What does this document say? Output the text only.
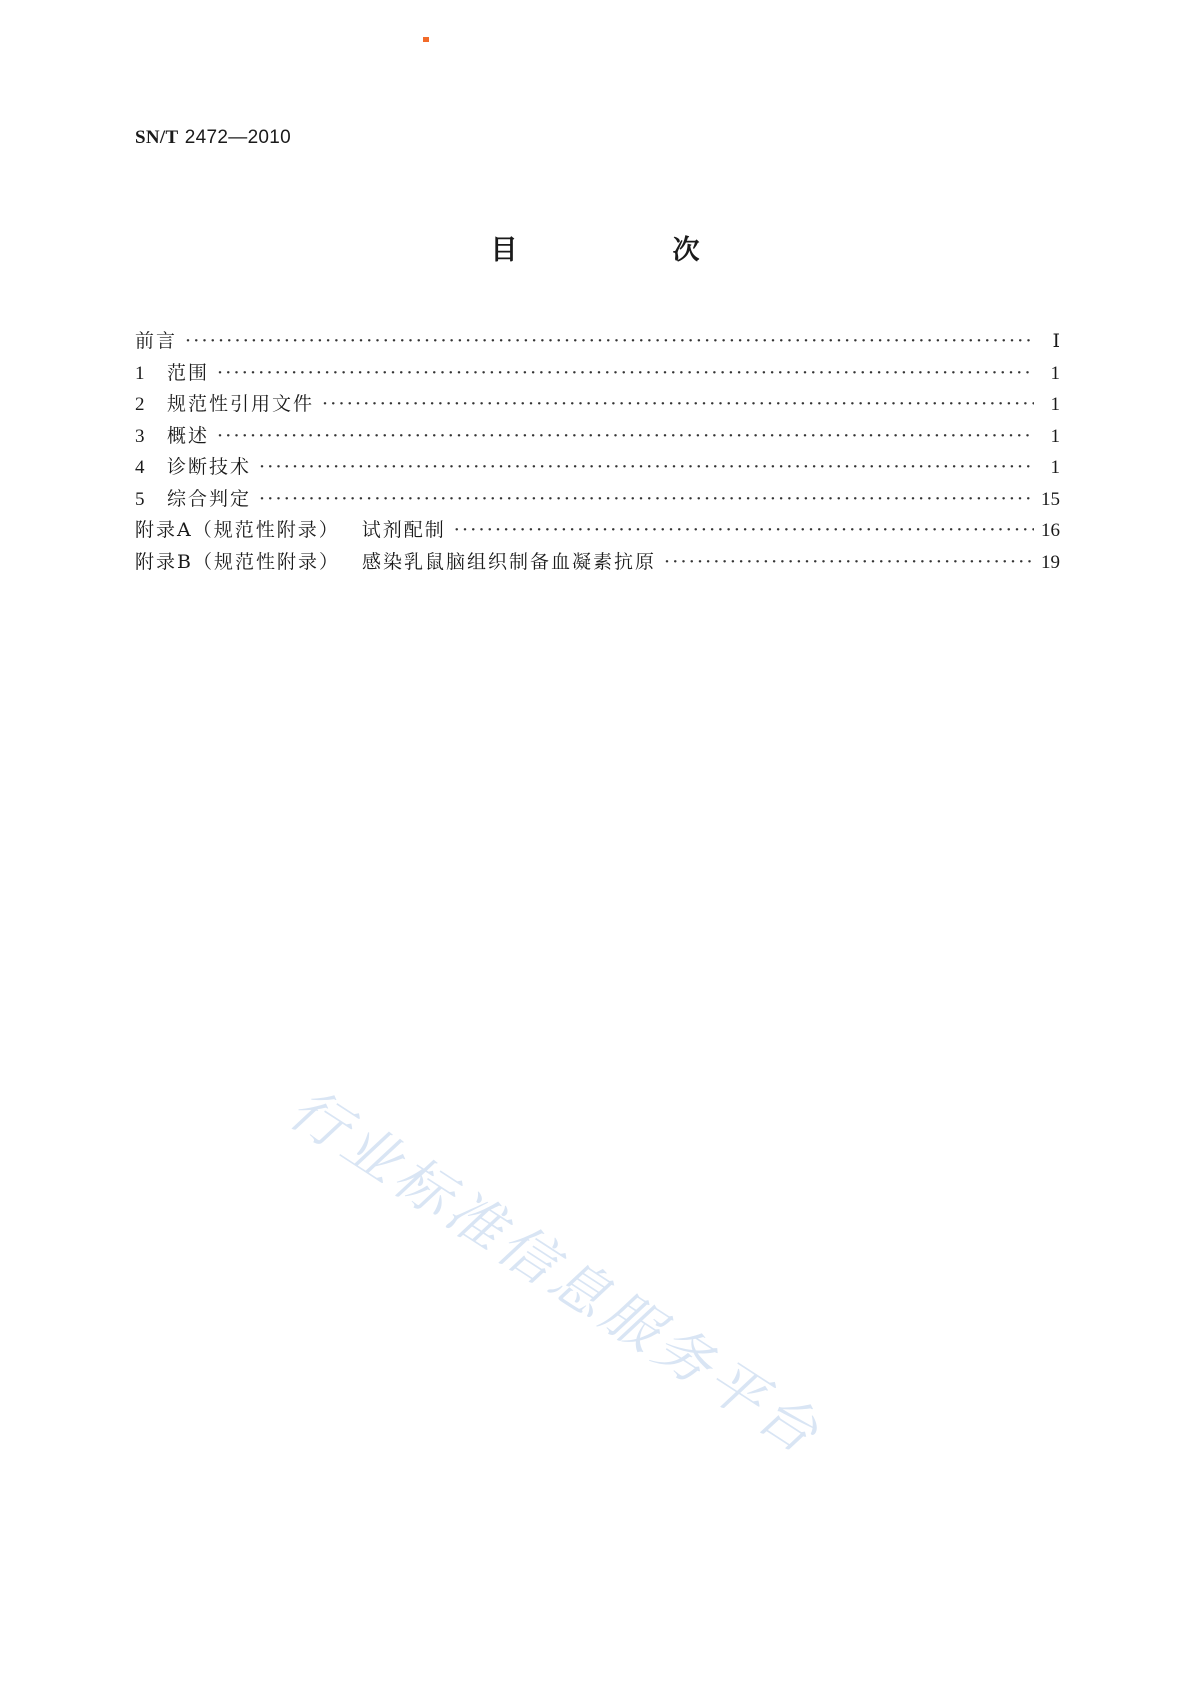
SN/T 2472—2010
目　次
前言 ·····	Ⅰ
1	范围 ·····	1
2	规范性引用文件 ·····	1
3	概述 ·····	1
4	诊断技术 ·····	1
5	综合判定 ·····	15
附录A（规范性附录） 试剂配制 ·····	16
附录B（规范性附录） 感染乳鼠脑组织制备血凝素抗原 ·····	19
行业标准信息服务平台
